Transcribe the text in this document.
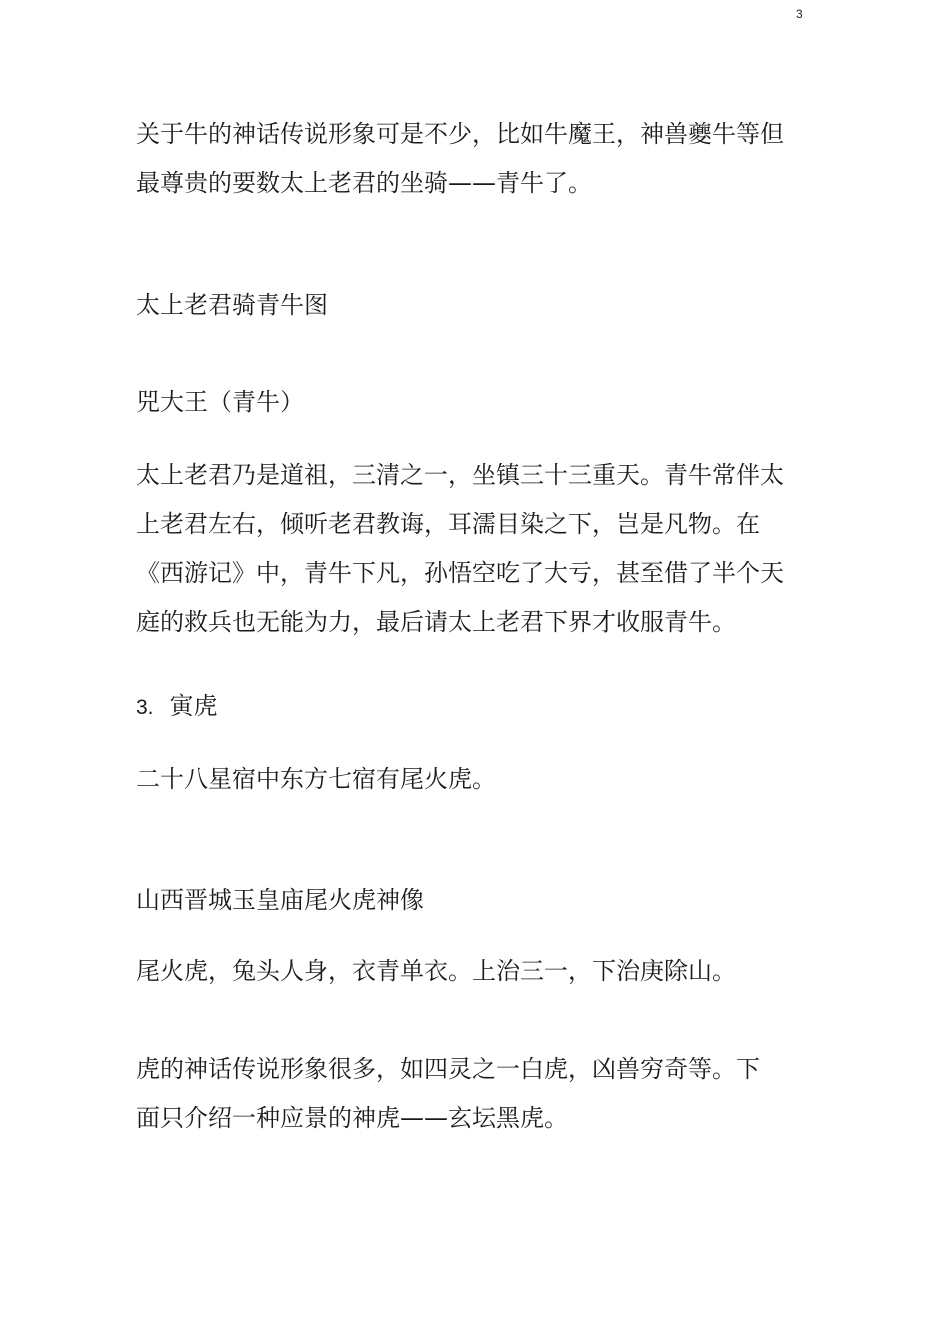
3

关于牛的神话传说形象可是不少，比如牛魔王，神兽夔牛等但
最尊贵的要数太上老君的坐骑——青牛了。

太上老君骑青牛图

兕大王（青牛）

太上老君乃是道祖，三清之一，坐镇三十三重天。青牛常伴太
上老君左右，倾听老君教诲，耳濡目染之下，岂是凡物。在
《西游记》中，青牛下凡，孙悟空吃了大亏，甚至借了半个天
庭的救兵也无能为力，最后请太上老君下界才收服青牛。

3. 寅虎

二十八星宿中东方七宿有尾火虎。

山西晋城玉皇庙尾火虎神像

尾火虎，兔头人身，衣青单衣。上治三一，下治庚除山。

虎的神话传说形象很多，如四灵之一白虎，凶兽穷奇等。下
面只介绍一种应景的神虎——玄坛黑虎。
